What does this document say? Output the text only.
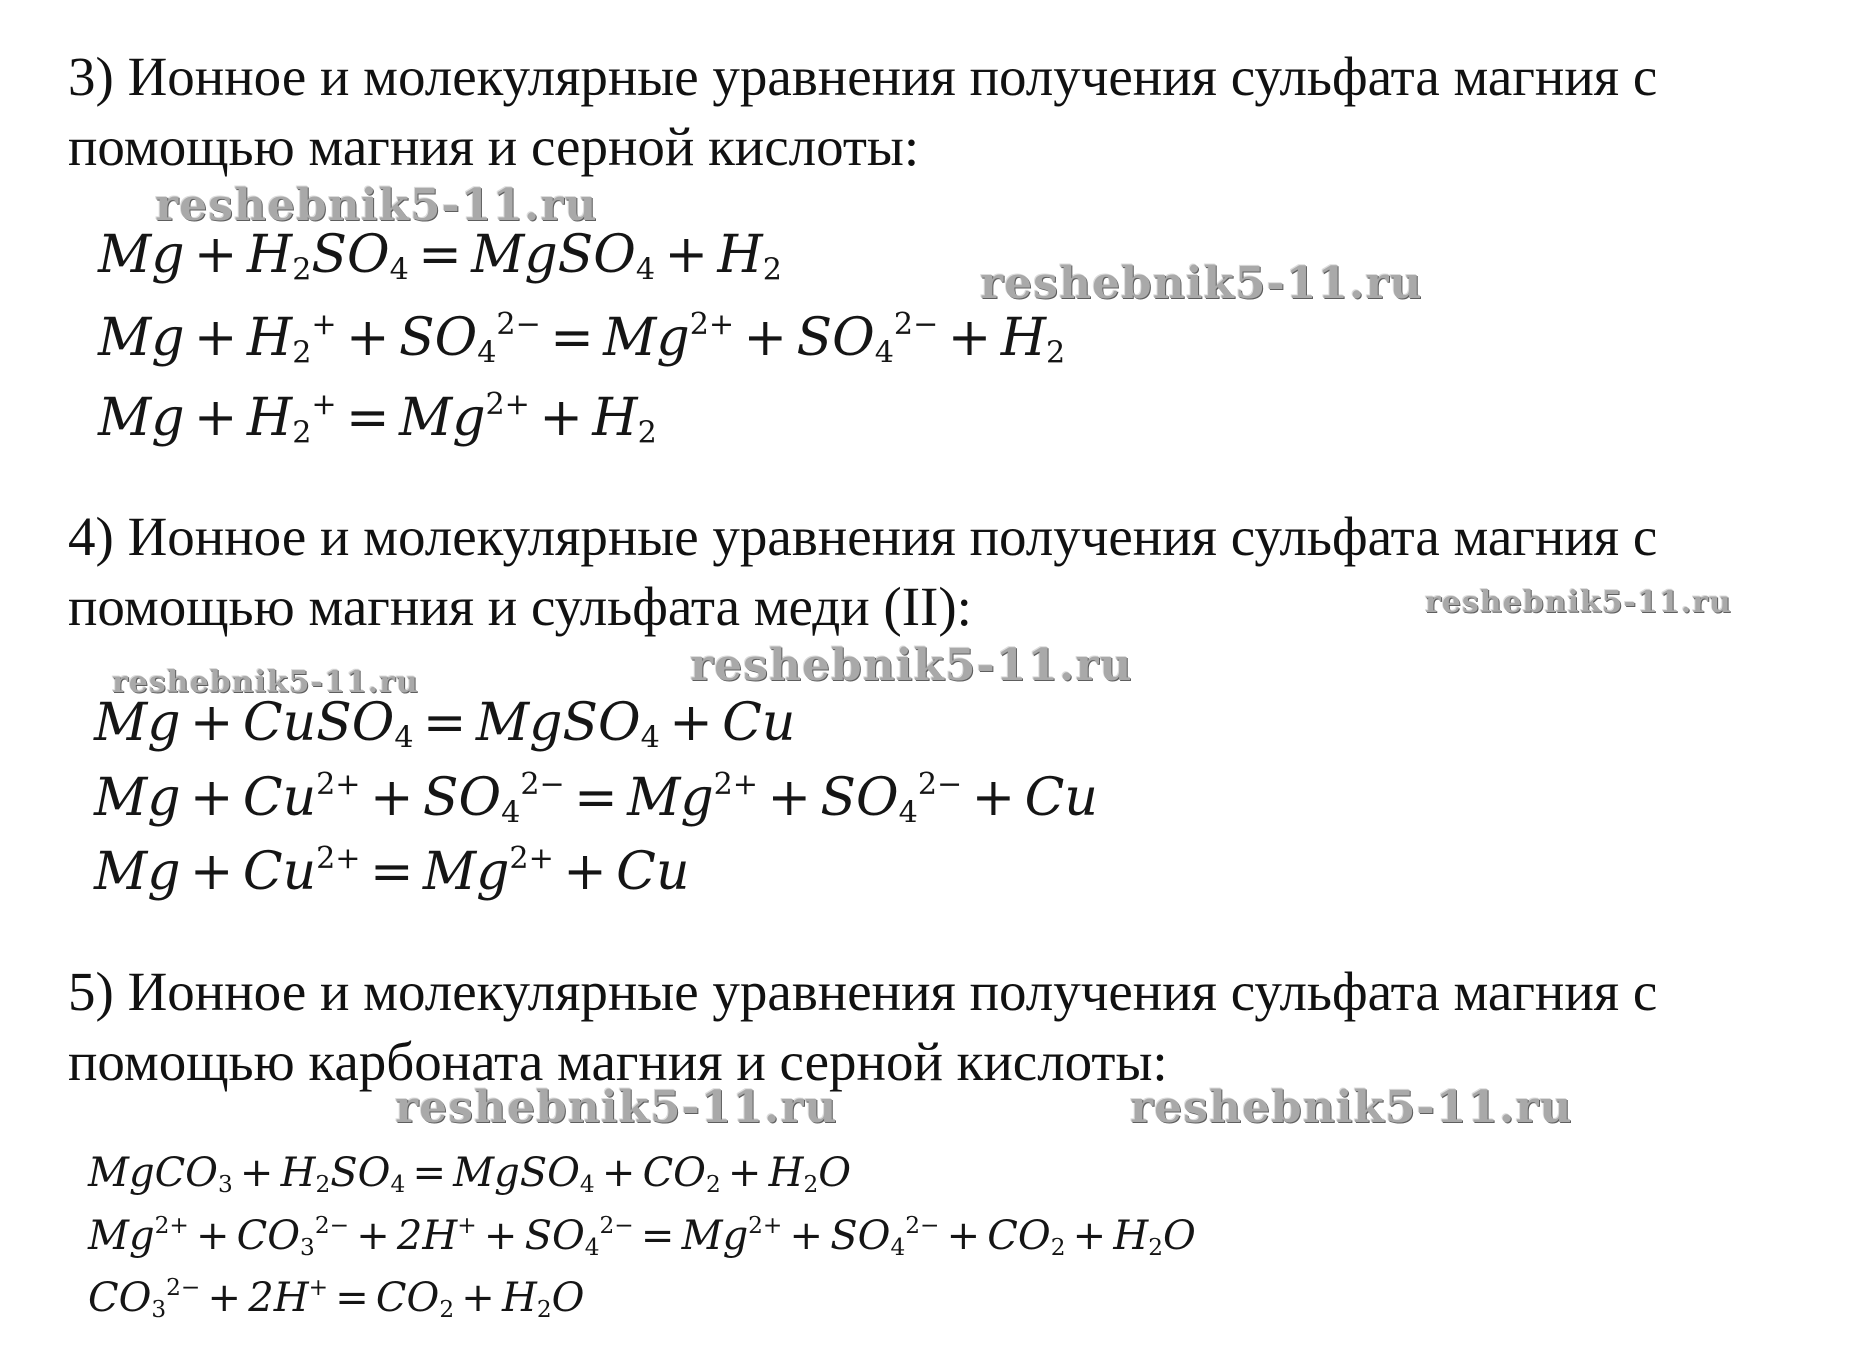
3) Ионное и молекулярные уравнения получения сульфата магния с
помощью магния и серной кислоты:
reshebnik5-11.ru
$Mg + H_2SO_4$ = MgSO$_4$ + $H_2$
$Mg + H_2^+ + SO_4^{2-} = Mg^{2+} + SO_4^{2-} + H_2$
$Mg + H_2^+ = Mg^{2+} + H_2$
reshebnik5-11.ru
4) Ионное и молекулярные уравнения получения сульфата магния с
помощью магния и сульфата меди (II):	reshebnik5-11.ru
reshebnik5-11.ru
reshebnik5-11.ru
Mg + CuSO$_4$ = MgSO$_4$ + Cu
$Mg + Cu^{2+} + SO_4^{2-} = Mg^{2+} + SO_4^{2-} + Cu$
$Mg + Cu^{2+} = Mg^{2+} + Cu$
5) Ионное и молекулярные уравнения получения сульфата магния с
помощью карбоната магния и серной кислоты:
reshebnik5-11.ru	reshebnik5-11.ru
MgCO$_3$ + $H_2SO_4$ = MgSO$_4$ + $CO_2 + H_2O$
$Mg^{2+} + CO_3^{2-} + 2H^+ + SO_4^{2-} = Mg^{2+} + SO_4^{2-} + CO_2 + H_2O$
$CO_3^{2-} + 2H^+ = CO_2 + H_2O$
